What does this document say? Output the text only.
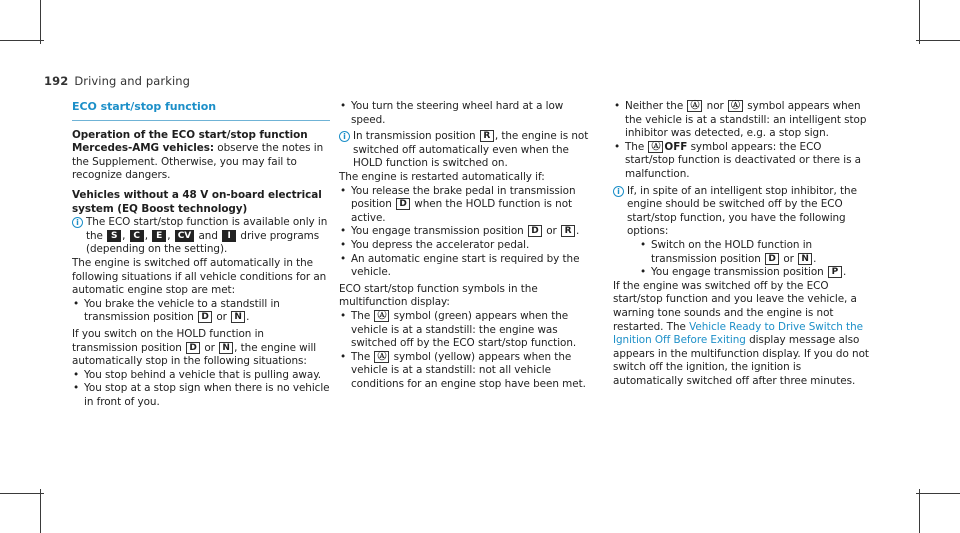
192 Driving and parking
ECO start/stop function

Operation of the ECO start/stop function Mercedes-AMG vehicles: observe the notes in the Supplement. Otherwise, you may fail to recognize dangers.

Vehicles without a 48 V on-board electrical system (EQ Boost technology)

i The ECO start/stop function is available only in the S , C , E , CV and I drive programs (depending on the setting).

The engine is switched off automatically in the following situations if all vehicle conditions for an automatic engine stop are met:

• You brake the vehicle to a standstill in transmission position D or N .

If you switch on the HOLD function in transmission position D or N , the engine will automatically stop in the following situations:

• You stop behind a vehicle that is pulling away.

• You stop at a stop sign when there is no vehicle in front of you.

• You turn the steering wheel hard at a low speed.

i In transmission position R , the engine is not switched off automatically even when the HOLD function is switched on.

The engine is restarted automatically if:

• You release the brake pedal in transmission position D when the HOLD function is not active.

• You engage transmission position D or R .

• You depress the accelerator pedal.

• An automatic engine start is required by the vehicle.

ECO start/stop function symbols in the multifunction display:

• The Ⓐ symbol (green) appears when the vehicle is at a standstill: the engine was switched off by the ECO start/stop function.

• The Ⓐ symbol (yellow) appears when the vehicle is at a standstill: not all vehicle conditions for an engine stop have been met.

• Neither the Ⓐ nor Ⓐ symbol appears when the vehicle is at a standstill: an intelligent stop inhibitor was detected, e.g. a stop sign.

• The Ⓐ OFF symbol appears: the ECO start/stop function is deactivated or there is a malfunction.

i If, in spite of an intelligent stop inhibitor, the engine should be switched off by the ECO start/stop function, you have the following options:

• Switch on the HOLD function in transmission position D or N .

• You engage transmission position P .

If the engine was switched off by the ECO start/stop function and you leave the vehicle, a warning tone sounds and the engine is not restarted. The Vehicle Ready to Drive Switch the Ignition Off Before Exiting display message also appears in the multifunction display. If you do not switch off the ignition, the ignition is automatically switched off after three minutes.
